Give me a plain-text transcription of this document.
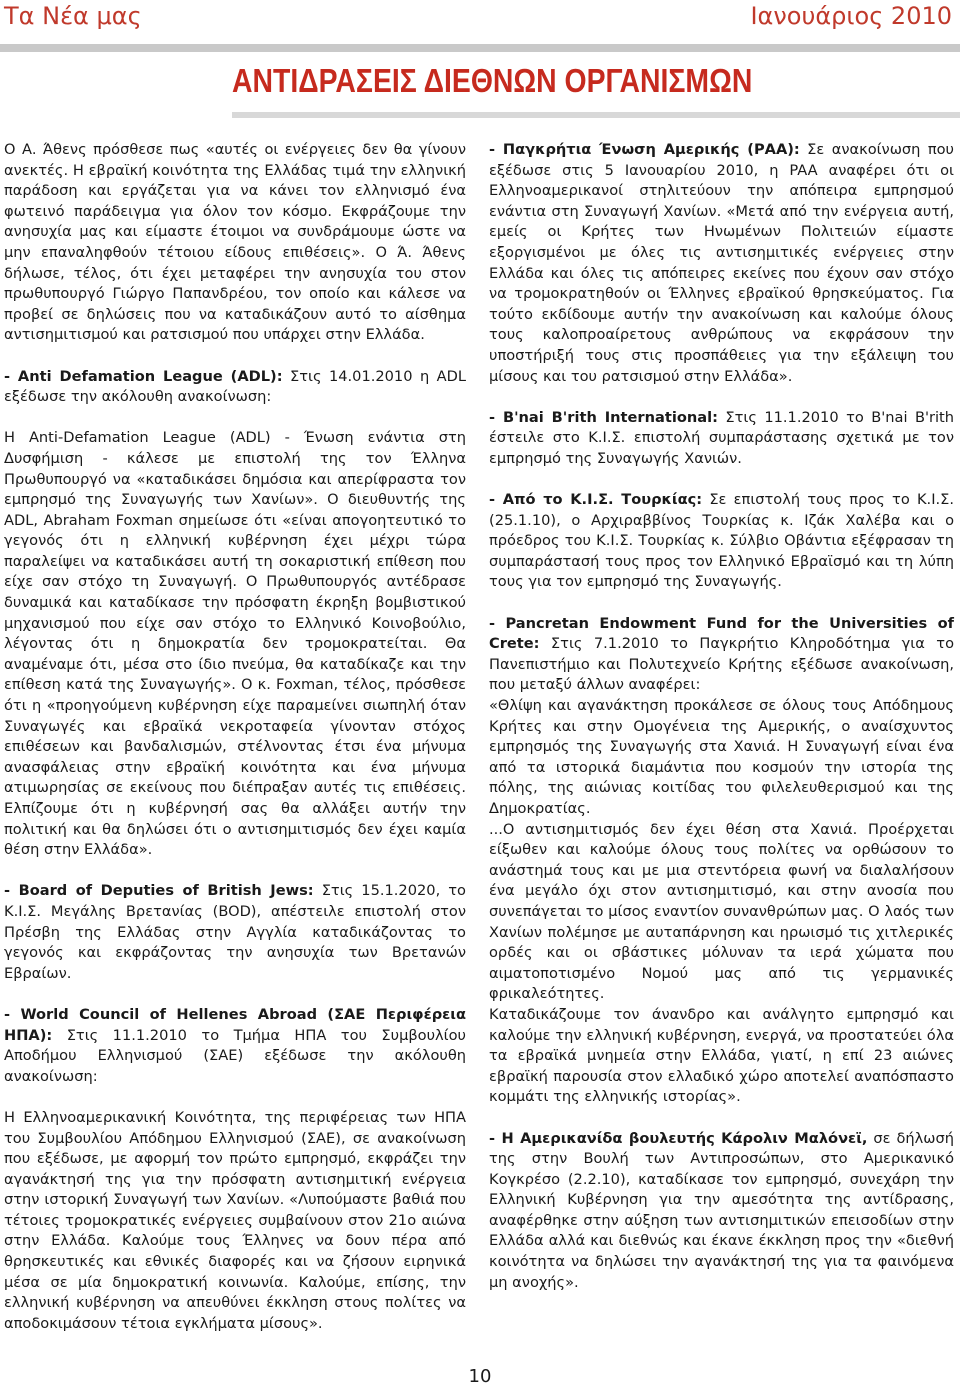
Τα Νέα μας	Ιανουάριος 2010
ΑΝΤΙΔΡΑΣΕΙΣ ΔΙΕΘΝΩΝ ΟΡΓΑΝΙΣΜΩΝ

Ο Α. Άθενς πρόσθεσε πως «αυτές οι ενέργειες δεν θα γίνουν ανεκτές. Η εβραϊκή κοινότητα της Ελλάδας τιμά την ελληνική παράδοση και εργάζεται για να κάνει τον ελληνισμό ένα φωτεινό παράδειγμα για όλον τον κόσμο. Εκφράζουμε την ανησυχία μας και είμαστε έτοιμοι να συνδράμουμε ώστε να μην επαναληφθούν τέτοιου είδους επιθέσεις». Ο Ά. Άθενς δήλωσε, τέλος, ότι έχει μεταφέρει την ανησυχία του στον πρωθυπουργό Γιώργο Παπανδρέου, τον οποίο και κάλεσε να προβεί σε δηλώσεις που να καταδικάζουν αυτό το αίσθημα αντισημιτισμού και ρατσισμού που υπάρχει στην Ελλάδα.

- Anti Defamation League (ADL): Στις 14.01.2010 η ADL εξέδωσε την ακόλουθη ανακοίνωση:

Η Anti-Defamation League (ADL) - Ένωση ενάντια στη Δυσφήμιση - κάλεσε με επιστολή της τον Έλληνα Πρωθυπουργό να «καταδικάσει δημόσια και απερίφραστα τον εμπρησμό της Συναγωγής των Χανίων». Ο διευθυντής της ADL, Abraham Foxman σημείωσε ότι «είναι απογοητευτικό το γεγονός ότι η ελληνική κυβέρνηση έχει μέχρι τώρα παραλείψει να καταδικάσει αυτή τη σοκαριστική επίθεση που είχε σαν στόχο τη Συναγωγή. Ο Πρωθυπουργός αντέδρασε δυναμικά και καταδίκασε την πρόσφατη έκρηξη βομβιστικού μηχανισμού που είχε σαν στόχο το Ελληνικό Κοινοβούλιο, λέγοντας ότι η δημοκρατία δεν τρομοκρατείται. Θα αναμέναμε ότι, μέσα στο ίδιο πνεύμα, θα καταδίκαζε και την επίθεση κατά της Συναγωγής». Ο κ. Foxman, τέλος, πρόσθεσε ότι η «προηγούμενη κυβέρνηση είχε παραμείνει σιωπηλή όταν Συναγωγές και εβραϊκά νεκροταφεία γίνονταν στόχος επιθέσεων και βανδαλισμών, στέλνοντας έτσι ένα μήνυμα ανασφάλειας στην εβραϊκή κοινότητα και ένα μήνυμα ατιμωρησίας σε εκείνους που διέπραξαν αυτές τις επιθέσεις. Ελπίζουμε ότι η κυβέρνησή σας θα αλλάξει αυτήν την πολιτική και θα δηλώσει ότι ο αντισημιτισμός δεν έχει καμία θέση στην Ελλάδα».

- Board of Deputies of British Jews: Στις 15.1.2020, το Κ.Ι.Σ. Μεγάλης Βρετανίας (BOD), απέστειλε επιστολή στον Πρέσβη της Ελλάδας στην Αγγλία καταδικάζοντας το γεγονός και εκφράζοντας την ανησυχία των Βρετανών Εβραίων.

- World Council of Hellenes Abroad (ΣΑΕ Περιφέρεια ΗΠΑ): Στις 11.1.2010 το Τμήμα ΗΠΑ του Συμβουλίου Αποδήμου Ελληνισμού (ΣΑΕ) εξέδωσε την ακόλουθη ανακοίνωση:

Η Ελληνοαμερικανική Κοινότητα, της περιφέρειας των ΗΠΑ του Συμβουλίου Απόδημου Ελληνισμού (ΣΑΕ), σε ανακοίνωση που εξέδωσε, με αφορμή τον πρώτο εμπρησμό, εκφράζει την αγανάκτησή της για την πρόσφατη αντισημιτική ενέργεια στην ιστορική Συναγωγή των Χανίων. «Λυπούμαστε βαθιά που τέτοιες τρομοκρατικές ενέργειες συμβαίνουν στον 21ο αιώνα στην Ελλάδα. Καλούμε τους Έλληνες να δουν πέρα από θρησκευτικές και εθνικές διαφορές και να ζήσουν ειρηνικά μέσα σε μία δημοκρατική κοινωνία. Καλούμε, επίσης, την ελληνική κυβέρνηση να απευθύνει έκκληση στους πολίτες να αποδοκιμάσουν τέτοια εγκλήματα μίσους».

- Παγκρήτια Ένωση Αμερικής (ΡΑΑ): Σε ανακοίνωση που εξέδωσε στις 5 Ιανουαρίου 2010, η PAA αναφέρει ότι οι Ελληνοαμερικανοί στηλιτεύουν την απόπειρα εμπρησμού ενάντια στη Συναγωγή Χανίων. «Μετά από την ενέργεια αυτή, εμείς οι Κρήτες των Ηνωμένων Πολιτειών είμαστε εξοργισμένοι με όλες τις αντισημιτικές ενέργειες στην Ελλάδα και όλες τις απόπειρες εκείνες που έχουν σαν στόχο να τρομοκρατηθούν οι Έλληνες εβραϊκού θρησκεύματος. Για τούτο εκδίδουμε αυτήν την ανακοίνωση και καλούμε όλους τους καλοπροαίρετους ανθρώπους να εκφράσουν την υποστήριξή τους στις προσπάθειες για την εξάλειψη του μίσους και του ρατσισμού στην Ελλάδα».

- B'nai B'rith International: Στις 11.1.2010 το B'nai B'rith έστειλε στο Κ.Ι.Σ. επιστολή συμπαράστασης σχετικά με τον εμπρησμό της Συναγωγής Χανιών.

- Από το Κ.Ι.Σ. Τουρκίας: Σε επιστολή τους προς το Κ.Ι.Σ. (25.1.10), ο Αρχιραββίνος Τουρκίας κ. Ιζάκ Χαλέβα και ο πρόεδρος του Κ.Ι.Σ. Τουρκίας κ. Σύλβιο Οβάντια εξέφρασαν τη συμπαράστασή τους προς τον Ελληνικό Εβραϊσμό και τη λύπη τους για τον εμπρησμό της Συναγωγής.

- Pancretan Endowment Fund for the Universities of Crete: Στις 7.1.2010 το Παγκρήτιο Κληροδότημα για το Πανεπιστήμιο και Πολυτεχνείο Κρήτης εξέδωσε ανακοίνωση, που μεταξύ άλλων αναφέρει:
«Θλίψη και αγανάκτηση προκάλεσε σε όλους τους Απόδημους Κρήτες και στην Ομογένεια της Αμερικής, ο αναίσχυντος εμπρησμός της Συναγωγής στα Χανιά. Η Συναγωγή είναι ένα από τα ιστορικά διαμάντια που κοσμούν την ιστορία της πόλης, της αιώνιας κοιτίδας του φιλελευθερισμού και της Δημοκρατίας.
...Ο αντισημιτισμός δεν έχει θέση στα Χανιά. Προέρχεται είξωθεν και καλούμε όλους τους πολίτες να ορθώσουν το ανάστημά τους και με μια στεντόρεια φωνή να διαλαλήσουν ένα μεγάλο όχι στον αντισημιτισμό, και στην ανοσία που συνεπάγεται το μίσος εναντίον συνανθρώπων μας. Ο λαός των Χανίων πολέμησε με αυταπάρνηση και ηρωισμό τις χιτλερικές ορδές και οι σβάστικες μόλυναν τα ιερά χώματα που αιματοποτισμένο Νομού μας από τις γερμανικές φρικαλεότητες.
Καταδικάζουμε τον άνανδρο και ανάλγητο εμπρησμό και καλούμε την ελληνική κυβέρνηση, ενεργά, να προστατεύει όλα τα εβραϊκά μνημεία στην Ελλάδα, γιατί, η επί 23 αιώνες εβραϊκή παρουσία στον ελλαδικό χώρο αποτελεί αναπόσπαστο κομμάτι της ελληνικής ιστορίας».

- Η Αμερικανίδα βουλευτής Κάρολιν Μαλόνεϊ, σε δήλωσή της στην Βουλή των Αντιπροσώπων, στο Αμερικανικό Κογκρέσο (2.2.10), καταδίκασε τον εμπρησμό, συνεχάρη την Ελληνική Κυβέρνηση για την αμεσότητα της αντίδρασης, αναφέρθηκε στην αύξηση των αντισημιτικών επεισοδίων στην Ελλάδα αλλά και διεθνώς και έκανε έκκληση προς την «διεθνή κοινότητα να δηλώσει την αγανάκτησή της για τα φαινόμενα μη ανοχής».

10
